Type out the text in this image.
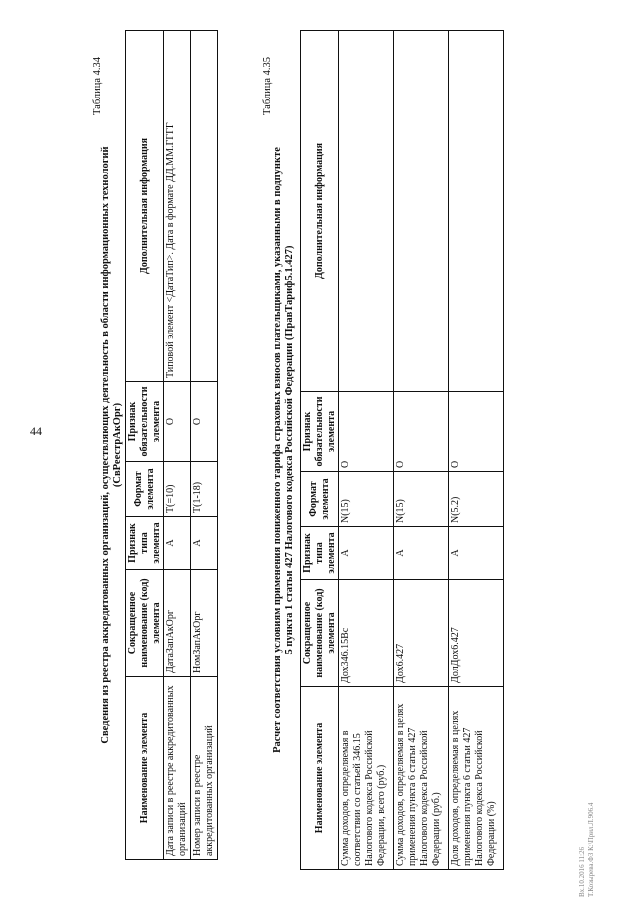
44
Таблица 4.34
Сведения из реестра аккредитованных организаций, осуществляющих деятельность в области информационных технологий (СвРеестрАкОрг)
Наименование элемента	Сокращенное наименование (код) элемента	Признак типа элемента	Формат элемента	Признак обязательности элемента	Дополнительная информация
Дата записи в реестре аккредитованных организаций	ДатаЗапАкОрг	А	T(=10)	О	Типовой элемент <ДатаТип>. Дата в формате ДД.ММ.ГГГГ
Номер записи в реестре аккредитованных организаций	НомЗапАкОрг	А	T(1-18)	О	
Таблица 4.35
Расчет соответствия условиям применения пониженного тарифа страховых взносов плательщиками, указанными в подпункте 5 пункта 1 статьи 427 Налогового кодекса Российской Федерации (ПравТариф5.1.427)
Наименование элемента	Сокращенное наименование (код) элемента	Признак типа элемента	Формат элемента	Признак обязательности элемента	Дополнительная информация
Сумма доходов, определяемая в соответствии со статьей 346.15 Налогового кодекса Российской Федерации, всего (руб.)	Дох346.15Вс	А	N(15)	О	
Сумма доходов, определяемая в целях применения пункта 6 статьи 427 Налогового кодекса Российской Федерации (руб.)	Дох6.427	А	N(15)	О	
Доля доходов, определяемая в целях применения пункта 6 статьи 427 Налогового кодекса Российской Федерации (%)	ДолДох6.427	А	N(5.2)	О	
Вх.10.2016 11:26 Т.Козырева.ФЗ К:\Прил.Л.906.4
